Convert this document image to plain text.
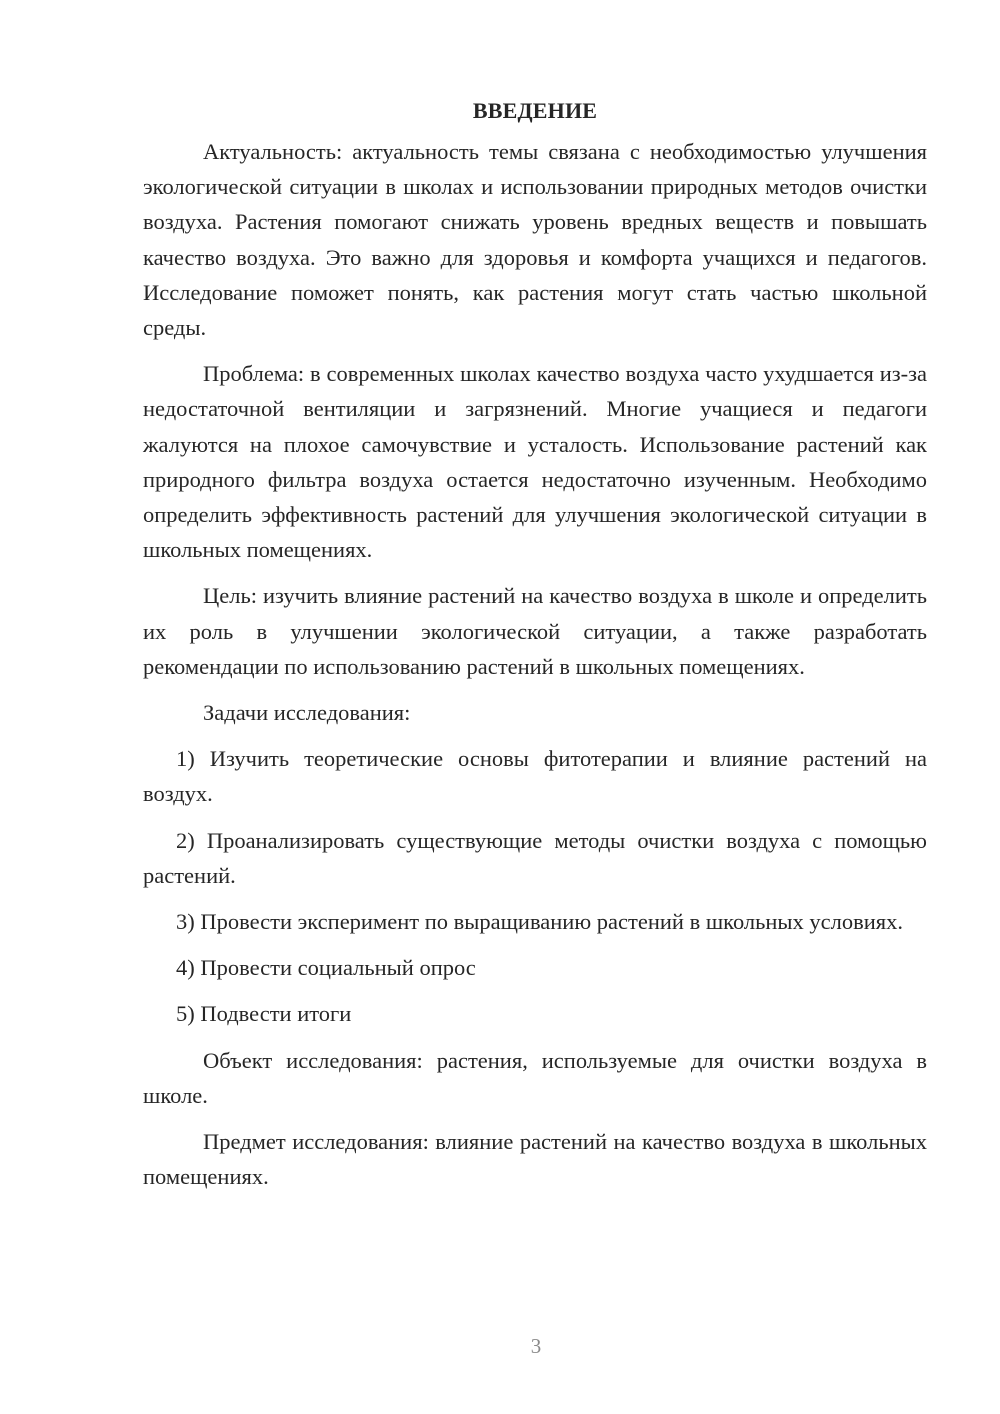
ВВЕДЕНИЕ

Актуальность: актуальность темы связана с необходимостью улучшения экологической ситуации в школах и использовании природных методов очистки воздуха. Растения помогают снижать уровень вредных веществ и повышать качество воздуха. Это важно для здоровья и комфорта учащихся и педагогов. Исследование поможет понять, как растения могут стать частью школьной среды.

Проблема: в современных школах качество воздуха часто ухудшается из-за недостаточной вентиляции и загрязнений. Многие учащиеся и педагоги жалуются на плохое самочувствие и усталость. Использование растений как природного фильтра воздуха остается недостаточно изученным. Необходимо определить эффективность растений для улучшения экологической ситуации в школьных помещениях.

Цель: изучить влияние растений на качество воздуха в школе и определить их роль в улучшении экологической ситуации, а также разработать рекомендации по использованию растений в школьных помещениях.

Задачи исследования:

1) Изучить теоретические основы фитотерапии и влияние растений на воздух.

2) Проанализировать существующие методы очистки воздуха с помощью растений.

3) Провести эксперимент по выращиванию растений в школьных условиях.

4) Провести социальный опрос

5) Подвести итоги

Объект исследования: растения, используемые для очистки воздуха в школе.

Предмет исследования: влияние растений на качество воздуха в школьных помещениях.

3
